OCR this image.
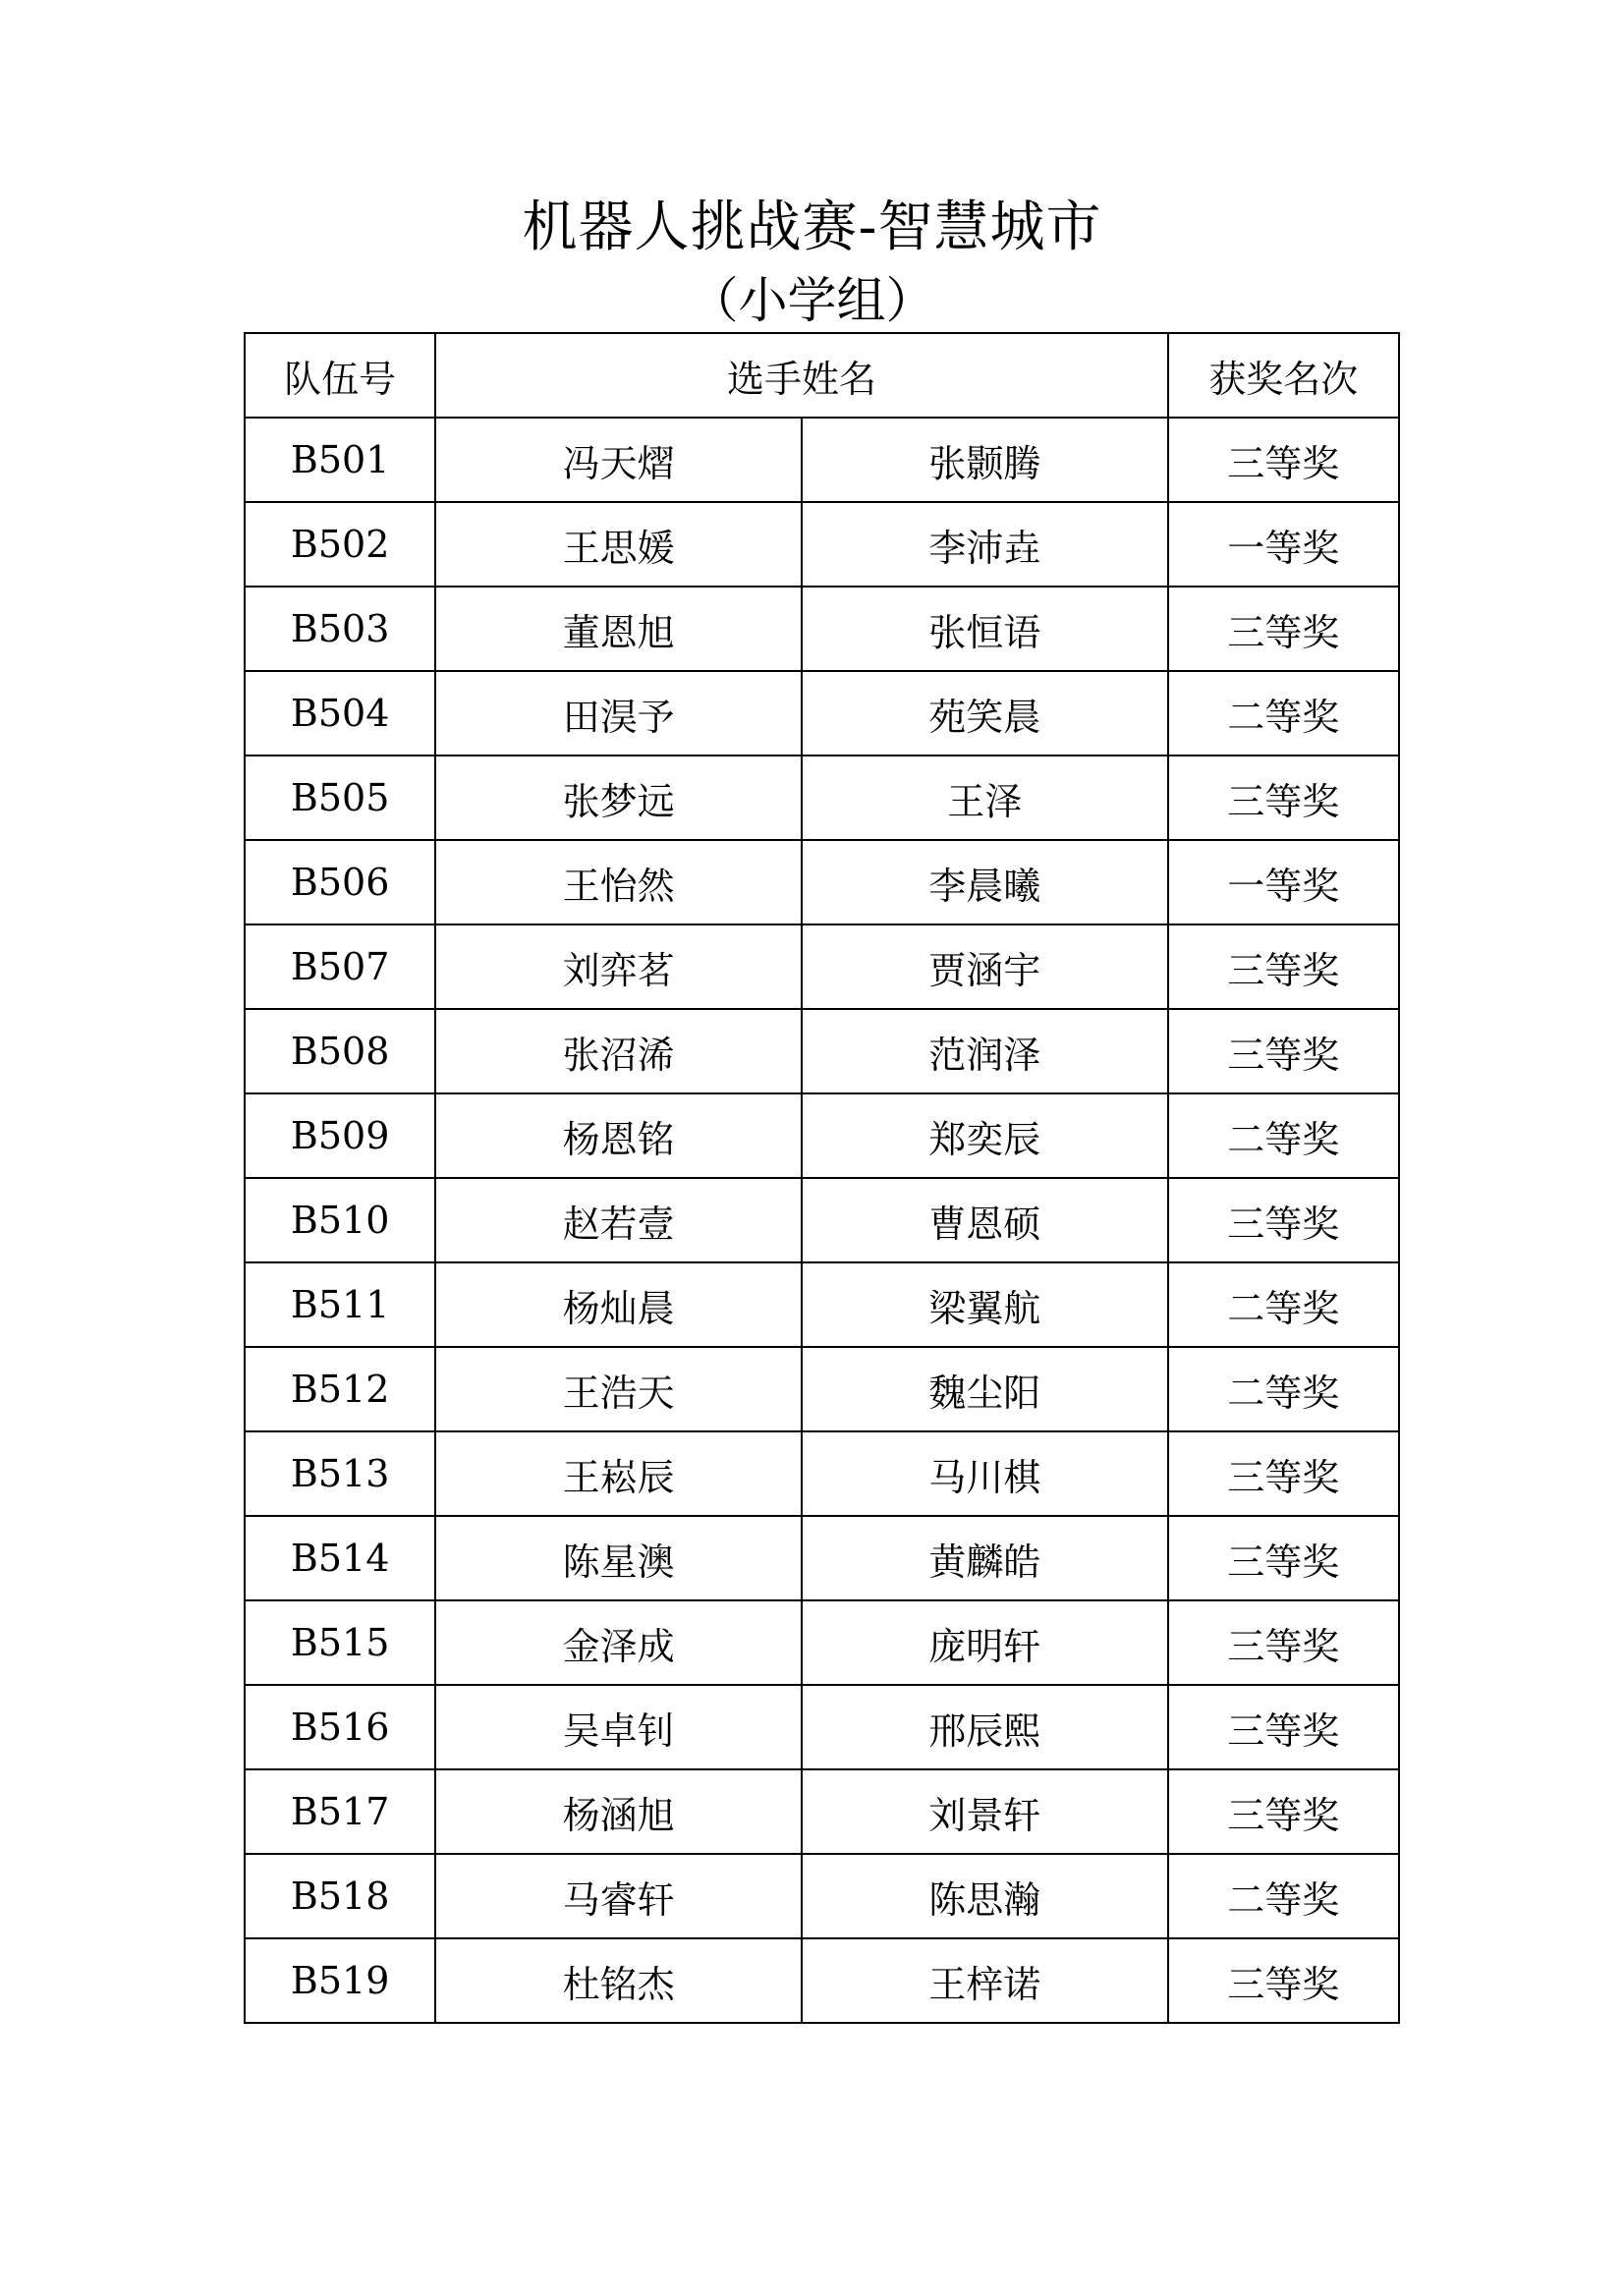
机器人挑战赛-智慧城市
（小学组）
队伍号	选手姓名		获奖名次
B501	冯天熠	张颢腾	三等奖
B502	王思媛	李沛垚	一等奖
B503	董恩旭	张恒语	三等奖
B504	田淏予	苑笑晨	二等奖
B505	张梦远	王泽	三等奖
B506	王怡然	李晨曦	一等奖
B507	刘弈茗	贾涵宇	三等奖
B508	张沼浠	范润泽	三等奖
B509	杨恩铭	郑奕辰	二等奖
B510	赵若壹	曹恩硕	三等奖
B511	杨灿晨	梁翼航	二等奖
B512	王浩天	魏尘阳	二等奖
B513	王崧辰	马川棋	三等奖
B514	陈星澳	黄麟皓	三等奖
B515	金泽成	庞明轩	三等奖
B516	吴卓钊	邢辰熙	三等奖
B517	杨涵旭	刘景轩	三等奖
B518	马睿轩	陈思瀚	二等奖
B519	杜铭杰	王梓诺	三等奖
